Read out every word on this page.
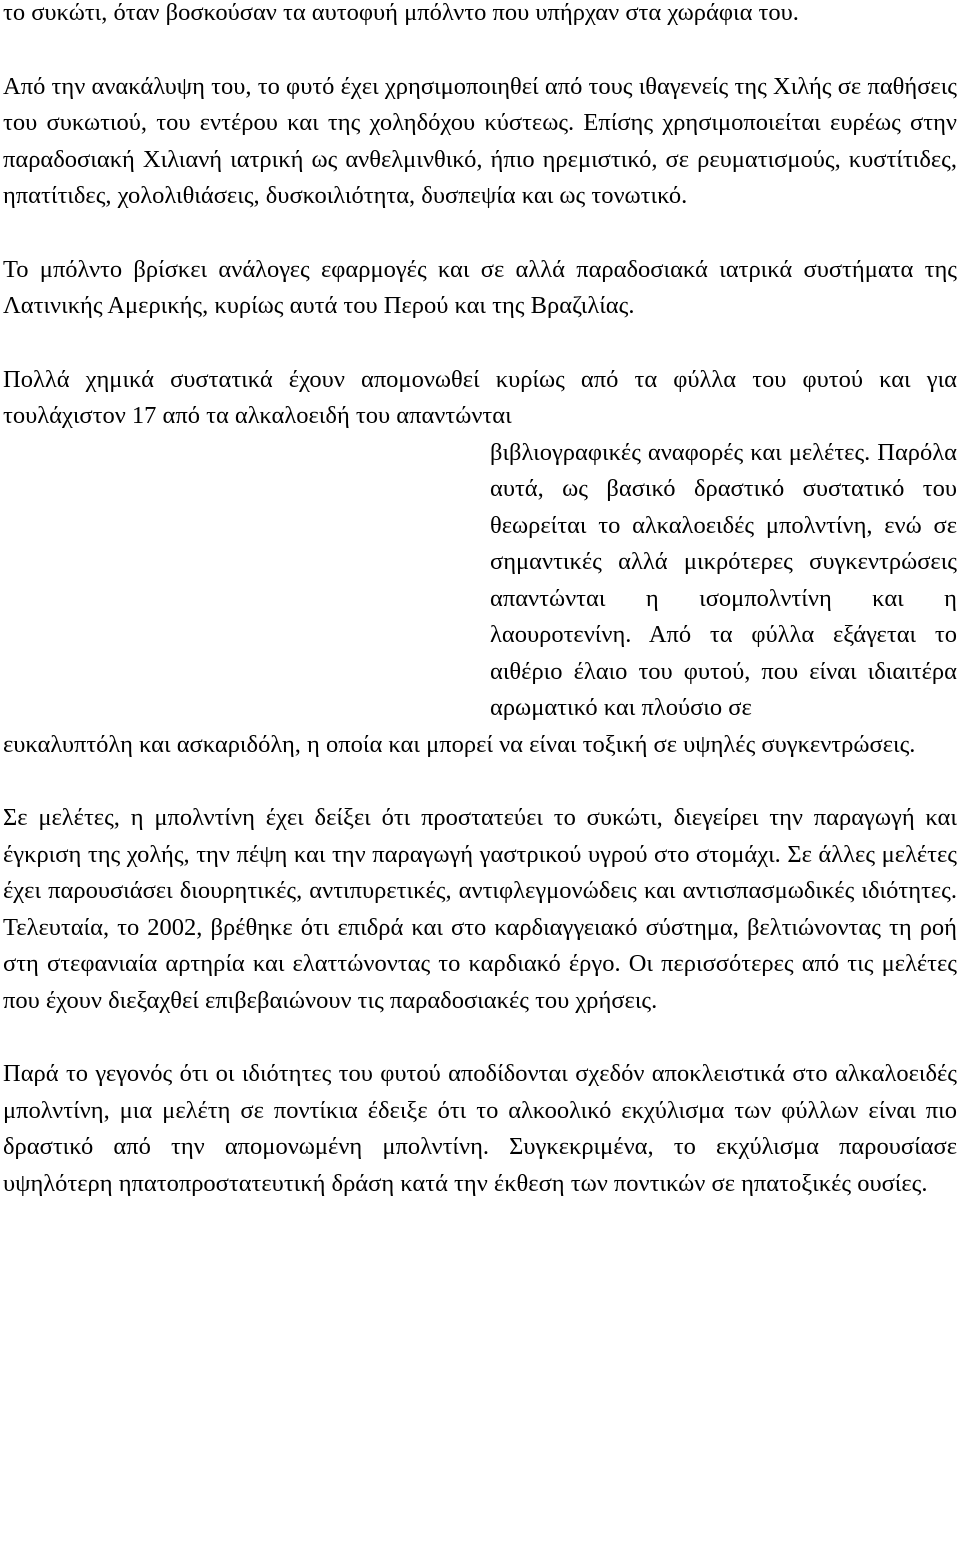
το συκώτι, όταν βοσκούσαν τα αυτοφυή μπόλντο που υπήρχαν στα χωράφια του.

Από την ανακάλυψη του, το φυτό έχει χρησιμοποιηθεί από τους ιθαγενείς της Χιλής σε παθήσεις του συκωτιού, του εντέρου και της χοληδόχου κύστεως. Επίσης χρησιμοποιείται ευρέως στην παραδοσιακή Χιλιανή ιατρική ως ανθελμινθικό, ήπιο ηρεμιστικό, σε ρευματισμούς, κυστίτιδες, ηπατίτιδες, χολολιθιάσεις, δυσκοιλιότητα, δυσπεψία και ως τονωτικό.

Το μπόλντο βρίσκει ανάλογες εφαρμογές και σε αλλά παραδοσιακά ιατρικά συστήματα της Λατινικής Αμερικής, κυρίως αυτά του Περού και της Βραζιλίας.

Πολλά χημικά συστατικά έχουν απομονωθεί κυρίως από τα φύλλα του φυτού και για τουλάχιστον 17 από τα αλκαλοειδή του απαντώνται

βιβλιογραφικές αναφορές και μελέτες. Παρόλα αυτά, ως βασικό δραστικό συστατικό του θεωρείται το αλκαλοειδές μπολντίνη, ενώ σε σημαντικές αλλά μικρότερες συγκεντρώσεις απαντώνται η ισομπολντίνη και η λαουροτενίνη. Από τα φύλλα εξάγεται το αιθέριο έλαιο του φυτού, που είναι ιδιαιτέρα αρωματικό και πλούσιο σε

ευκαλυπτόλη και ασκαριδόλη, η οποία και μπορεί να είναι τοξική σε υψηλές συγκεντρώσεις.

Σε μελέτες, η μπολντίνη έχει δείξει ότι προστατεύει το συκώτι, διεγείρει την παραγωγή και έγκριση της χολής, την πέψη και την παραγωγή γαστρικού υγρού στο στομάχι. Σε άλλες μελέτες έχει παρουσιάσει διουρητικές, αντιπυρετικές, αντιφλεγμονώδεις και αντισπασμωδικές ιδιότητες. Τελευταία, το 2002, βρέθηκε ότι επιδρά και στο καρδιαγγειακό σύστημα, βελτιώνοντας τη ροή στη στεφανιαία αρτηρία και ελαττώνοντας το καρδιακό έργο. Οι περισσότερες από τις μελέτες που έχουν διεξαχθεί επιβεβαιώνουν τις παραδοσιακές του χρήσεις.

Παρά το γεγονός ότι οι ιδιότητες του φυτού αποδίδονται σχεδόν αποκλειστικά στο αλκαλοειδές μπολντίνη, μια μελέτη σε ποντίκια έδειξε ότι το αλκοολικό εκχύλισμα των φύλλων είναι πιο δραστικό από την απομονωμένη μπολντίνη. Συγκεκριμένα, το εκχύλισμα παρουσίασε υψηλότερη ηπατοπροστατευτική δράση κατά την έκθεση των ποντικών σε ηπατοξικές ουσίες.
